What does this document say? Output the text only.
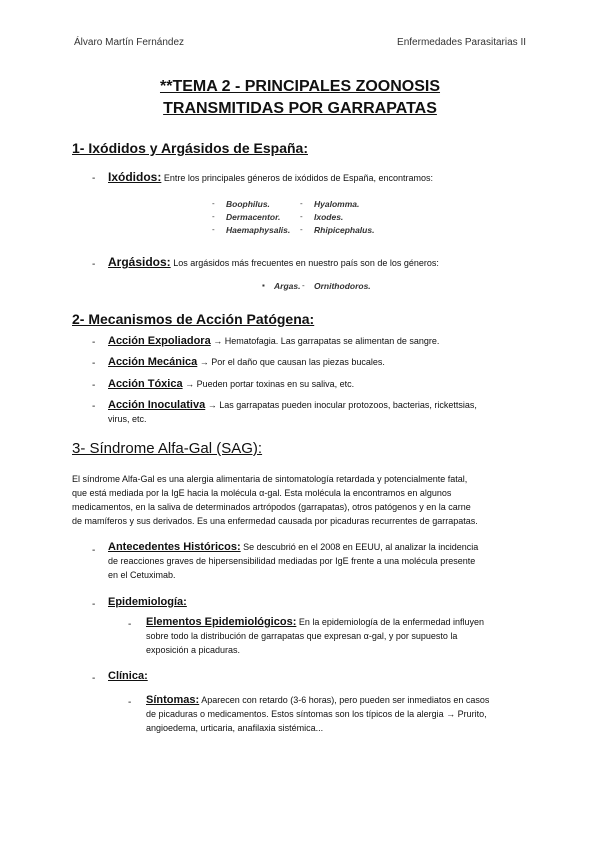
Álvaro Martín Fernández	Enfermedades Parasitarias II
**TEMA 2 - PRINCIPALES ZOONOSIS
TRANSMITIDAS POR GARRAPATAS
1- Ixódidos y Argásidos de España:
- Ixódidos: Entre los principales géneros de ixódidos de España, encontramos:
- Boophilus.
- Dermacentor.
- Haemaphysalis.
- Hyalomma.
- Ixodes.
- Rhipicephalus.
- Argásidos: Los argásidos más frecuentes en nuestro país son de los géneros:
▪ Argas. - Ornithodoros.
2- Mecanismos de Acción Patógena:
- Acción Expoliadora → Hematofagia. Las garrapatas se alimentan de sangre.
- Acción Mecánica → Por el daño que causan las piezas bucales.
- Acción Tóxica → Pueden portar toxinas en su saliva, etc.
- Acción Inoculativa → Las garrapatas pueden inocular protozoos, bacterias, rickettsias,
virus, etc.
3- Síndrome Alfa-Gal (SAG):
El síndrome Alfa-Gal es una alergia alimentaria de sintomatología retardada y potencialmente fatal,
que está mediada por la IgE hacia la molécula α-gal. Esta molécula la encontramos en algunos
medicamentos, en la saliva de determinados artrópodos (garrapatas), otros patógenos y en la carne
de mamíferos y sus derivados. Es una enfermedad causada por picaduras recurrentes de garrapatas.
- Antecedentes Históricos: Se descubrió en el 2008 en EEUU, al analizar la incidencia
de reacciones graves de hipersensibilidad mediadas por IgE frente a una molécula presente
en el Cetuximab.
- Epidemiología:
- Elementos Epidemiológicos: En la epidemiología de la enfermedad influyen
sobre todo la distribución de garrapatas que expresan α-gal, y por supuesto la
exposición a picaduras.
- Clínica:
- Síntomas: Aparecen con retardo (3-6 horas), pero pueden ser inmediatos en casos
de picaduras o medicamentos. Estos síntomas son los típicos de la alergia → Prurito,
angioedema, urticaria, anafilaxia sistémica...
